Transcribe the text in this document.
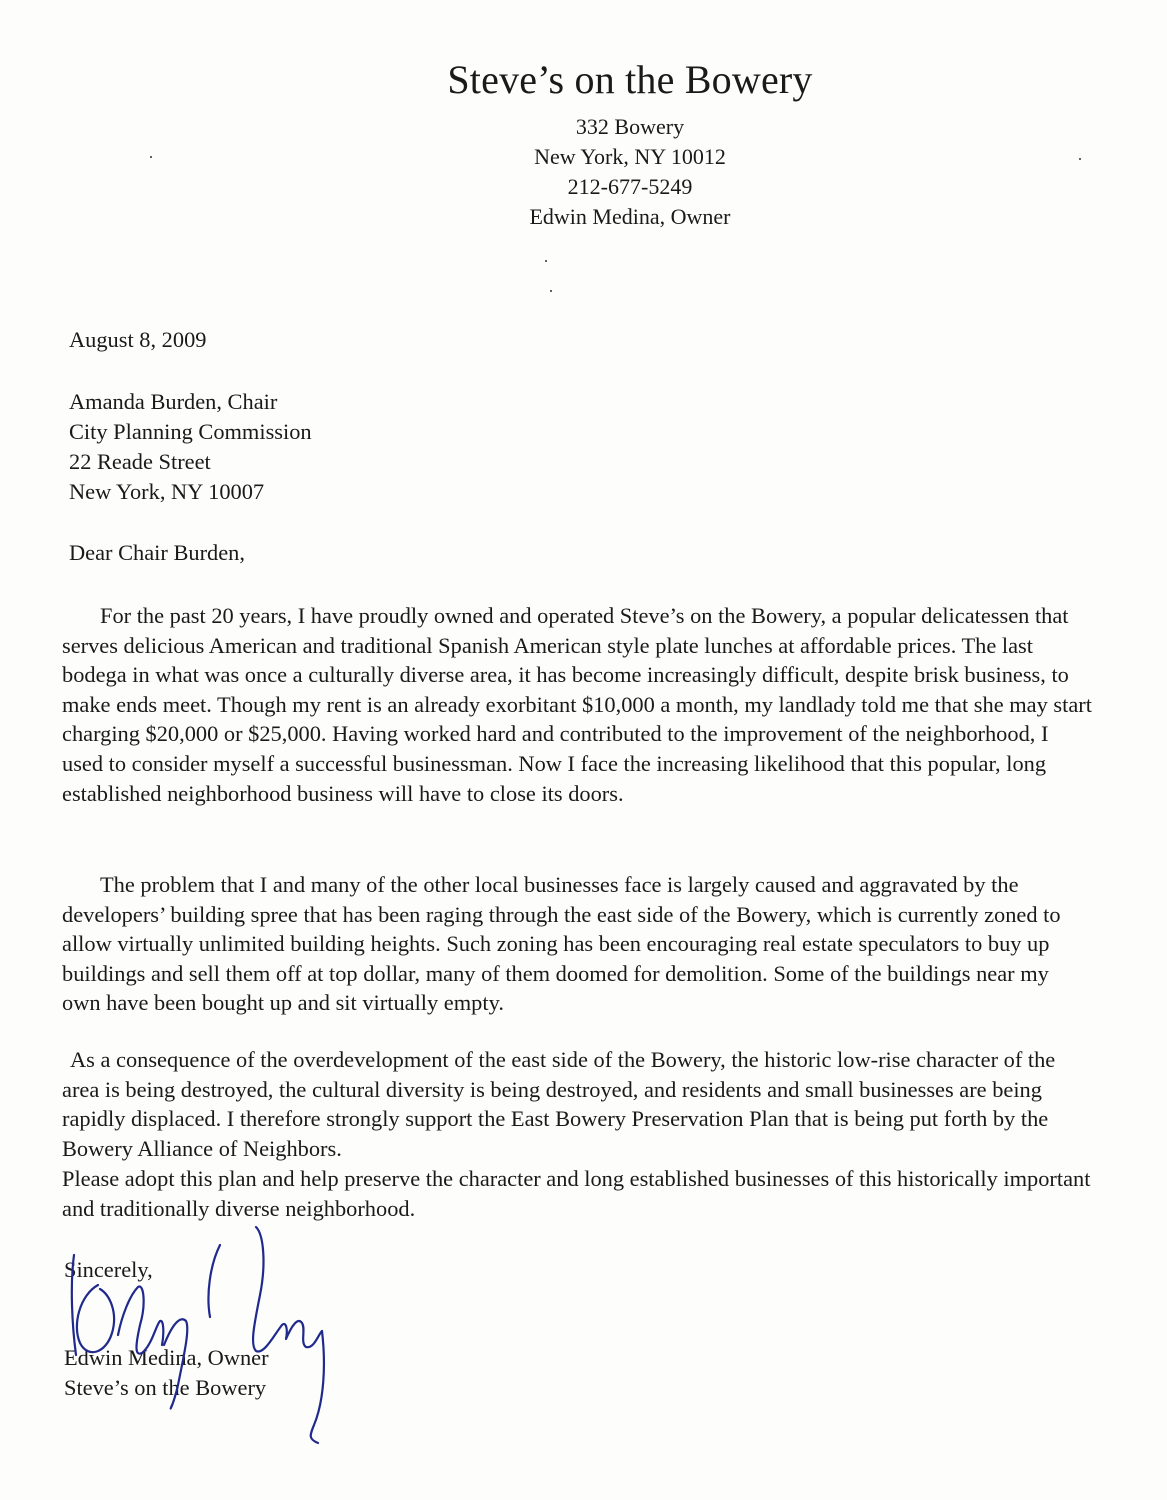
Steve’s on the Bowery
332 Bowery
New York, NY 10012
212-677-5249
Edwin Medina, Owner
August 8, 2009
Amanda Burden, Chair
City Planning Commission
22 Reade Street
New York, NY 10007
Dear Chair Burden,
For the past 20 years, I have proudly owned and operated Steve’s on the Bowery, a popular delicatessen that serves delicious American and traditional Spanish American style plate lunches at affordable prices. The last bodega in what was once a culturally diverse area, it has become increasingly difficult, despite brisk business, to make ends meet. Though my rent is an already exorbitant $10,000 a month, my landlady told me that she may start charging $20,000 or $25,000. Having worked hard and contributed to the improvement of the neighborhood, I used to consider myself a successful businessman. Now I face the increasing likelihood that this popular, long established neighborhood business will have to close its doors.
The problem that I and many of the other local businesses face is largely caused and aggravated by the developers’ building spree that has been raging through the east side of the Bowery, which is currently zoned to allow virtually unlimited building heights. Such zoning has been encouraging real estate speculators to buy up buildings and sell them off at top dollar, many of them doomed for demolition. Some of the buildings near my own have been bought up and sit virtually empty.
As a consequence of the overdevelopment of the east side of the Bowery, the historic low-rise character of the area is being destroyed, the cultural diversity is being destroyed, and residents and small businesses are being rapidly displaced. I therefore strongly support the East Bowery Preservation Plan that is being put forth by the Bowery Alliance of Neighbors.
Please adopt this plan and help preserve the character and long established businesses of this historically important and traditionally diverse neighborhood.
Sincerely,
Edwin Medina, Owner
Steve’s on the Bowery
